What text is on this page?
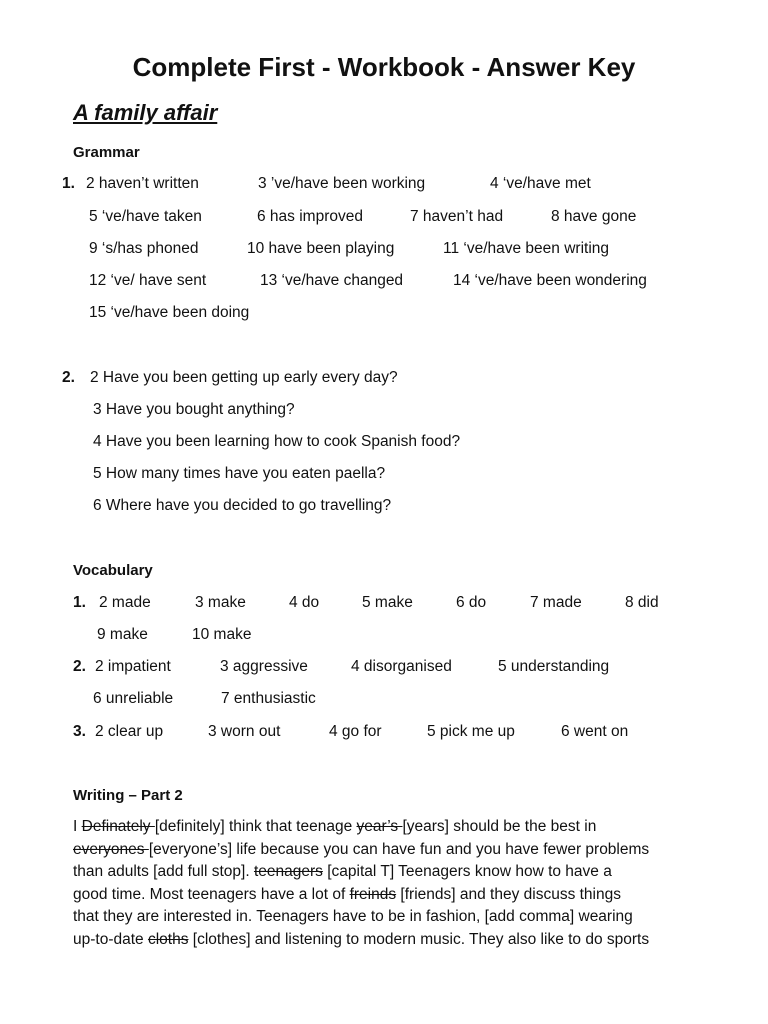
Complete First - Workbook - Answer Key
A family affair
Grammar
1. 2 haven’t written	3 ’ve/have been working	4 ‘ve/have met
5 ‘ve/have taken	6 has improved	7 haven’t had	8 have gone
9 ‘s/has phoned	10 have been playing	11 ‘ve/have been writing
12 ‘ve/ have sent	13 ‘ve/have changed	14 ‘ve/have been wondering
15 ‘ve/have been doing
2. 2 Have you been getting up early every day?
3 Have you bought anything?
4 Have you been learning how to cook Spanish food?
5 How many times have you eaten paella?
6 Where have you decided to go travelling?
Vocabulary
1. 2 made	3 make	4 do	5 make	6 do	7 made	8 did
9 make	10 make
2. 2 impatient	3 aggressive	4 disorganised	5 understanding
6 unreliable	7 enthusiastic
3. 2 clear up	3 worn out	4 go for	5 pick me up	6 went on
Writing – Part 2
I Definately [definitely] think that teenage year’s [years] should be the best in
everyones [everyone’s] life because you can have fun and you have fewer problems
than adults [add full stop]. teenagers [capital T] Teenagers know how to have a
good time. Most teenagers have a lot of freinds [friends] and they discuss things
that they are interested in. Teenagers have to be in fashion, [add comma] wearing
up-to-date cloths [clothes] and listening to modern music. They also like to do sports
